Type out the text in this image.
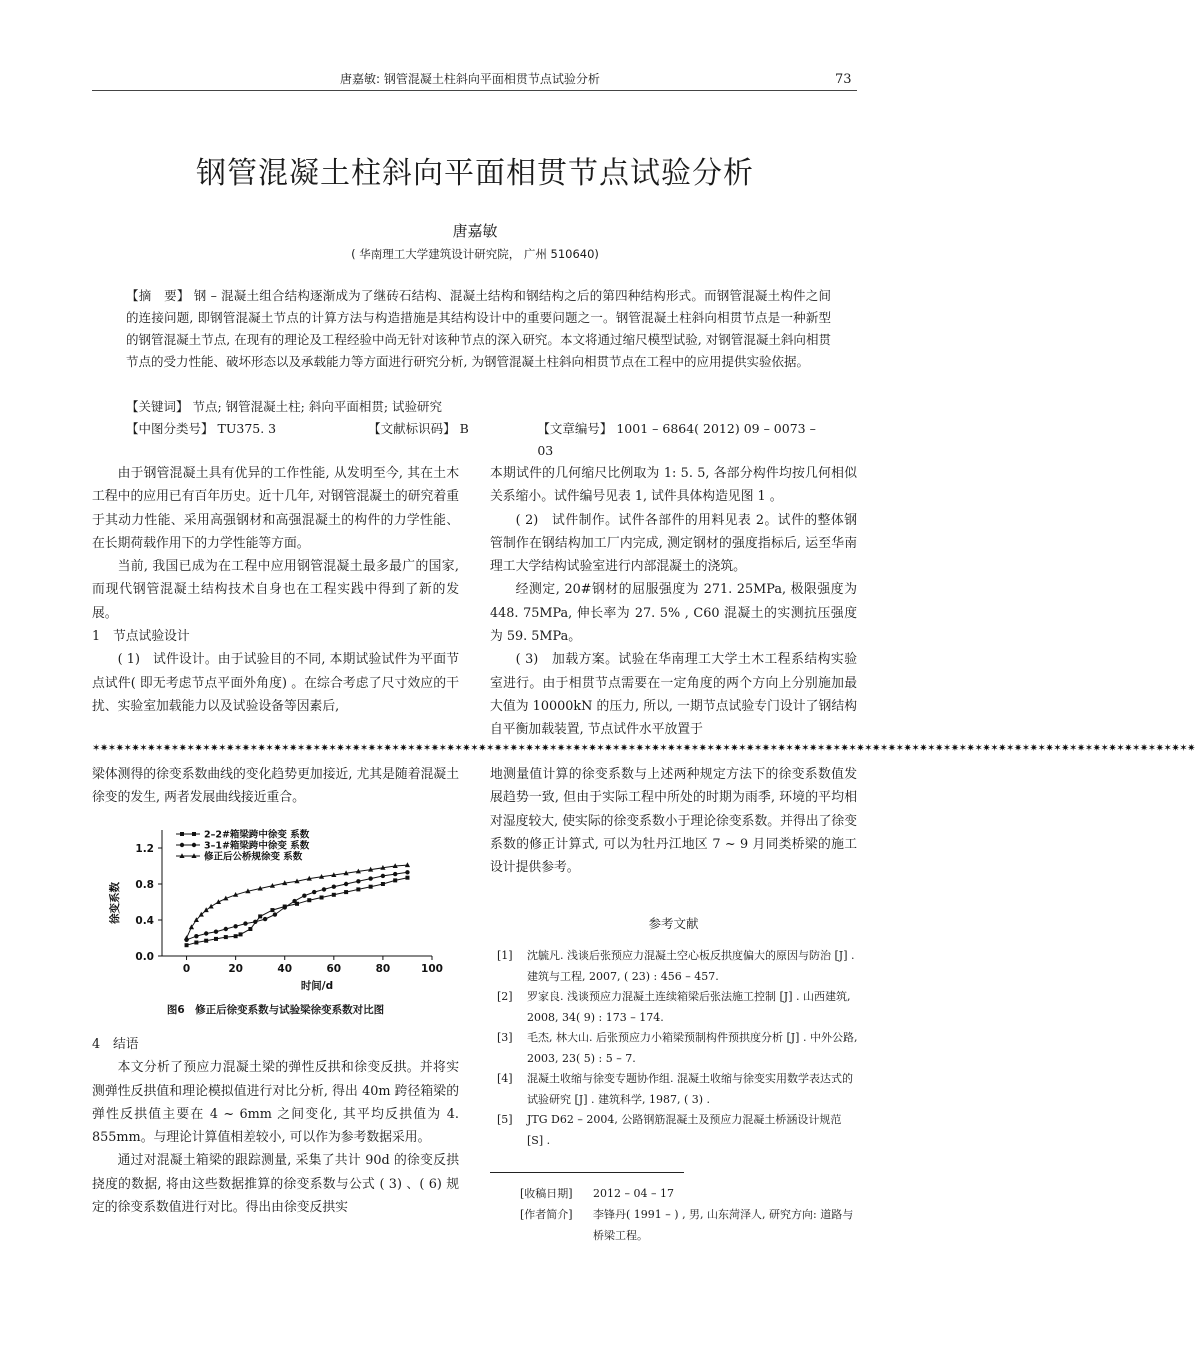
唐嘉敏: 钢管混凝土柱斜向平面相贯节点试验分析	73
钢管混凝土柱斜向平面相贯节点试验分析
唐嘉敏
( 华南理工大学建筑设计研究院， 广州 510640)
【摘　要】 钢 – 混凝土组合结构逐渐成为了继砖石结构、混凝土结构和钢结构之后的第四种结构形式。而钢管混凝土构件之间的连接问题, 即钢管混凝土节点的计算方法与构造措施是其结构设计中的重要问题之一。钢管混凝土柱斜向相贯节点是一种新型的钢管混凝土节点, 在现有的理论及工程经验中尚无针对该种节点的深入研究。本文将通过缩尺模型试验, 对钢管混凝土斜向相贯节点的受力性能、破坏形态以及承载能力等方面进行研究分析, 为钢管混凝土柱斜向相贯节点在工程中的应用提供实验依据。
【关键词】 节点; 钢管混凝土柱; 斜向平面相贯; 试验研究
【中图分类号】 TU375. 3	【文献标识码】 B	【文章编号】 1001 – 6864( 2012) 09 – 0073 – 03

由于钢管混凝土具有优异的工作性能, 从发明至今, 其在土木工程中的应用已有百年历史。近十几年, 对钢管混凝土的研究着重于其动力性能、采用高强钢材和高强混凝土的构件的力学性能、在长期荷载作用下的力学性能等方面。

当前, 我国已成为在工程中应用钢管混凝土最多最广的国家, 而现代钢管混凝土结构技术自身也在工程实践中得到了新的发展。

1　节点试验设计

( 1)　试件设计。由于试验目的不同, 本期试验试件为平面节点试件( 即无考虑节点平面外角度) 。在综合考虑了尺寸效应的干扰、实验室加载能力以及试验设备等因素后,

本期试件的几何缩尺比例取为 1: 5. 5, 各部分构件均按几何相似关系缩小。试件编号见表 1, 试件具体构造见图 1 。

( 2)　试件制作。试件各部件的用料见表 2。试件的整体钢管制作在钢结构加工厂内完成, 测定钢材的强度指标后, 运至华南理工大学结构试验室进行内部混凝土的浇筑。

经测定, 20#钢材的屈服强度为 271. 25MPa, 极限强度为 448. 75MPa, 伸长率为 27. 5% , C60 混凝土的实测抗压强度为 59. 5MPa。

( 3)　加载方案。试验在华南理工大学土木工程系结构实验室进行。由于相贯节点需要在一定角度的两个方向上分别施加最大值为 10000kN 的压力, 所以, 一期节点试验专门设计了钢结构自平衡加载装置, 节点试件水平放置于

✶✷✶✷✶✷✶✷✶✷✶✷✶✷✶✷✶✷✶✷✶✷✶✷✶✷✶✷✶✷✶✷✶✷✶✷✶✷✶✷✶✷✶✷✶✷✶✷✶✷✶✷✶✷✶✷✶✷✶✷✶✷✶✷✶✷✶✷✶✷✶✷✶✷✶✷✶✷✶✷✶✷✶✷✶✷✶✷✶✷✶✷✶✷✶✷✶✷✶✷✶✷✶✷✶✷✶✷✶✷✶✷✶✷✶✷✶✷✶✷✶✷✶✷✶✷✶✷✶✷✶✷✶✷✶✷✶✷✶✷

梁体测得的徐变系数曲线的变化趋势更加接近, 尤其是随着混凝土徐变的发生, 两者发展曲线接近重合。

0	20	40	60	80	100
0.0
0.4
0.8
1.2
时间/d
徐变系数
2–2#箱梁跨中徐变 系数
3–1#箱梁跨中徐变 系数
修正后公桥规徐变 系数
图6　修正后徐变系数与试验梁徐变系数对比图

4　结语

本文分析了预应力混凝土梁的弹性反拱和徐变反拱。并将实测弹性反拱值和理论模拟值进行对比分析, 得出 40m 跨径箱梁的弹性反拱值主要在 4 ~ 6mm 之间变化, 其平均反拱值为 4. 855mm。与理论计算值相差较小, 可以作为参考数据采用。

通过对混凝土箱梁的跟踪测量, 采集了共计 90d 的徐变反拱挠度的数据, 将由这些数据推算的徐变系数与公式 ( 3) 、( 6) 规定的徐变系数值进行对比。得出由徐变反拱实

地测量值计算的徐变系数与上述两种规定方法下的徐变系数值发展趋势一致, 但由于实际工程中所处的时期为雨季, 环境的平均相对湿度较大, 使实际的徐变系数小于理论徐变系数。并得出了徐变系数的修正计算式, 可以为牡丹江地区 7 ~ 9 月同类桥梁的施工设计提供参考。

参考文献
[1]	沈毓凡. 浅谈后张预应力混凝土空心板反拱度偏大的原因与防治 [J] . 建筑与工程, 2007, ( 23) : 456 – 457.
[2]	罗家良. 浅谈预应力混凝土连续箱梁后张法施工控制 [J] . 山西建筑, 2008, 34( 9) : 173 – 174.
[3]	毛杰, 林大山. 后张预应力小箱梁预制构件预拱度分析 [J] . 中外公路, 2003, 23( 5) : 5 – 7.
[4]	混凝土收缩与徐变专题协作组. 混凝土收缩与徐变实用数学表达式的试验研究 [J] . 建筑科学, 1987, ( 3) .
[5]	JTG D62 – 2004, 公路钢筋混凝土及预应力混凝土桥涵设计规范 [S] .
[收稿日期]	2012 – 04 – 17
[作者简介]	李锋丹( 1991 – ) , 男, 山东菏泽人, 研究方向: 道路与桥梁工程。
